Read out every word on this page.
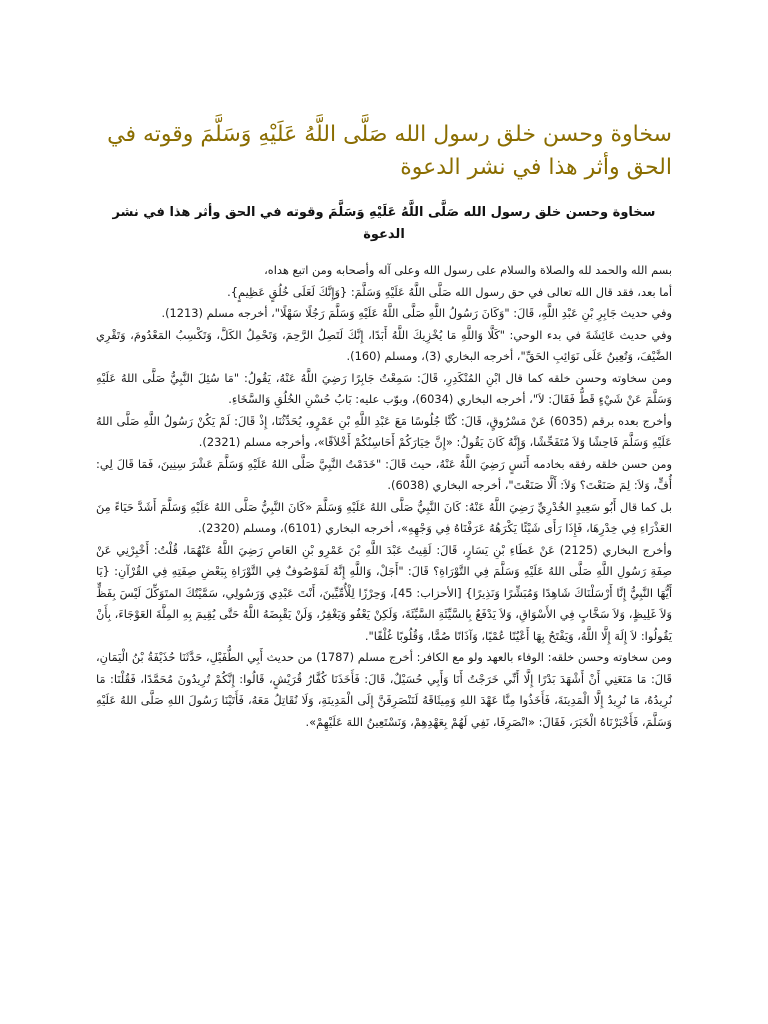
سخاوة وحسن خلق رسول الله صَلَّى اللَّهُ عَلَيْهِ وَسَلَّمَ وقوته في الحق وأثر هذا في نشر الدعوة
سخاوة وحسن خلق رسول الله صَلَّى اللَّهُ عَلَيْهِ وَسَلَّمَ وقوته في الحق وأثر هذا في نشر الدعوة

بسم الله والحمد لله والصلاة والسلام على رسول الله وعلى آله وأصحابه ومن اتبع هداه،

أما بعد، فقد قال الله تعالى في حق رسول الله صَلَّى اللَّهُ عَلَيْهِ وَسَلَّمَ: {وَإِنَّكَ لَعَلَى خُلُقٍ عَظِيمٍ}.

وفي حديث جَابِرِ بْنِ عَبْدِ اللَّهِ، قَالَ: "وَكَانَ رَسُولُ اللَّهِ صَلَّى اللَّهُ عَلَيْهِ وَسَلَّمَ رَجُلًا سَهْلًا"، أخرجه مسلم (1213).

وفي حديث عَائِشَةَ في بدء الوحي: "كَلَّا وَاللَّهِ مَا يُخْزِيكَ اللَّهُ أَبَدًا، إِنَّكَ لَتَصِلُ الرَّحِمَ، وَتَحْمِلُ الكَلَّ، وَتَكْسِبُ المَعْدُومَ، وَتَقْرِي الضَّيْفَ، وَتُعِينُ عَلَى نَوَائِبِ الحَقِّ"، أخرجه البخاري (3)، ومسلم (160).

ومن سخاوته وحسن خلقه كما قال ابْنِ المُنْكَدِرِ، قَالَ: سَمِعْتُ جَابِرًا رَضِيَ اللَّهُ عَنْهُ، يَقُولُ: "مَا سُئِلَ النَّبِيُّ صَلَّى اللهُ عَلَيْهِ وَسَلَّمَ عَنْ شَيْءٍ قَطُّ فَقَالَ: لاَ"، أخرجه البخاري (6034)، وبوّب عليه: بَابُ حُسْنِ الخُلُقِ وَالسَّخَاءِ.

وأخرج بعده برقم (6035) عَنْ مَسْرُوقٍ، قَالَ: كُنَّا جُلُوسًا مَعَ عَبْدِ اللَّهِ بْنِ عَمْرٍو، يُحَدِّثُنَا، إِذْ قَالَ: لَمْ يَكُنْ رَسُولُ اللَّهِ صَلَّى اللهُ عَلَيْهِ وَسَلَّمَ فَاحِشًا وَلاَ مُتَفَحِّشًا، وَإِنَّهُ كَانَ يَقُولُ: «إِنَّ خِيَارَكُمْ أَحَاسِنُكُمْ أَخْلاَقًا»، وأخرجه مسلم (2321).

ومن حسن خلقه رفقه بخادمه أَنَسٍ رَضِيَ اللَّهُ عَنْهُ، حيث قَالَ: "خَدَمْتُ النَّبِيَّ صَلَّى اللهُ عَلَيْهِ وَسَلَّمَ عَشْرَ سِنِينَ، فَمَا قَالَ لِي: أُفٍّ، وَلاَ: لِمَ صَنَعْتَ؟ وَلاَ: أَلَّا صَنَعْتَ"، أخرجه البخاري (6038).

بل كما قال أَبُو سَعِيدٍ الخُدْرِيِّ رَضِيَ اللَّهُ عَنْهُ: كَانَ النَّبِيُّ صَلَّى اللهُ عَلَيْهِ وَسَلَّمَ «كَانَ النَّبِيُّ صَلَّى اللهُ عَلَيْهِ وَسَلَّمَ أَشَدَّ حَيَاءً مِنَ العَذْرَاءِ فِي خِدْرِهَا، فَإِذَا رَأَى شَيْئًا يَكْرَهُهُ عَرَفْنَاهُ فِي وَجْهِهِ»، أخرجه البخاري (6101)، ومسلم (2320).

وأخرج البخاري (2125) عَنْ عَطَاءِ بْنِ يَسَارٍ، قَالَ: لَقِيتُ عَبْدَ اللَّهِ بْنَ عَمْرِو بْنِ العَاصِ رَضِيَ اللَّهُ عَنْهُمَا، قُلْتُ: أَخْبِرْنِي عَنْ صِفَةِ رَسُولِ اللَّهِ صَلَّى اللهُ عَلَيْهِ وَسَلَّمَ فِي التَّوْرَاةِ؟ قَالَ: "أَجَلْ، وَاللَّهِ إِنَّهُ لَمَوْصُوفٌ فِي التَّوْرَاةِ بِبَعْضِ صِفَتِهِ فِي القُرْآنِ: {يَا أَيُّهَا النَّبِيُّ إِنَّا أَرْسَلْنَاكَ شَاهِدًا وَمُبَشِّرًا وَنَذِيرًا} [الأحزاب: 45]، وَحِرْزًا لِلْأُمِّيِّينَ، أَنْتَ عَبْدِي وَرَسُولِي، سَمَّيْتُكَ المتَوَكِّلَ لَيْسَ بِفَظٍّ وَلاَ غَلِيظٍ، وَلاَ سَخَّابٍ فِي الأَسْوَاقِ، وَلاَ يَدْفَعُ بِالسَّيِّئَةِ السَّيِّئَةَ، وَلَكِنْ يَعْفُو وَيَغْفِرُ، وَلَنْ يَقْبِضَهُ اللَّهُ حَتَّى يُقِيمَ بِهِ المِلَّةَ العَوْجَاءَ، بِأَنْ يَقُولُوا: لاَ إِلَهَ إِلَّا اللَّهُ، وَيَفْتَحُ بِهَا أَعْيُنًا عُمْيًا، وَآذَانًا صُمًّا، وَقُلُوبًا غُلْفًا".

ومن سخاوته وحسن خلقه: الوفاء بالعهد ولو مع الكافر: أخرج مسلم (1787) من حديث أَبِي الطُّفَيْلِ، حَدَّثَنَا حُذَيْفَةُ بْنُ الْيَمَانِ، قَالَ: مَا مَنَعَنِي أَنْ أَشْهَدَ بَدْرًا إِلَّا أَنِّي خَرَجْتُ أَنَا وَأَبِي حُسَيْلٌ، قَالَ: فَأَخَذَنَا كُفَّارُ قُرَيْشٍ، قَالُوا: إِنَّكُمْ تُرِيدُونَ مُحَمَّدًا، فَقُلْنَا: مَا نُرِيدُهُ، مَا نُرِيدُ إِلَّا الْمَدِينَةَ، فَأَخَذُوا مِنَّا عَهْدَ اللهِ وَمِيثَاقَهُ لَنَنْصَرِفَنَّ إِلَى الْمَدِينَةِ، وَلَا نُقَاتِلُ مَعَهُ، فَأَتَيْنَا رَسُولَ اللهِ صَلَّى اللهُ عَلَيْهِ وَسَلَّمَ، فَأَخْبَرْنَاهُ الْخَبَرَ، فَقَالَ: «انْصَرِفَا، نَفِي لَهُمْ بِعَهْدِهِمْ، وَنَسْتَعِينُ اللهَ عَلَيْهِمْ».
